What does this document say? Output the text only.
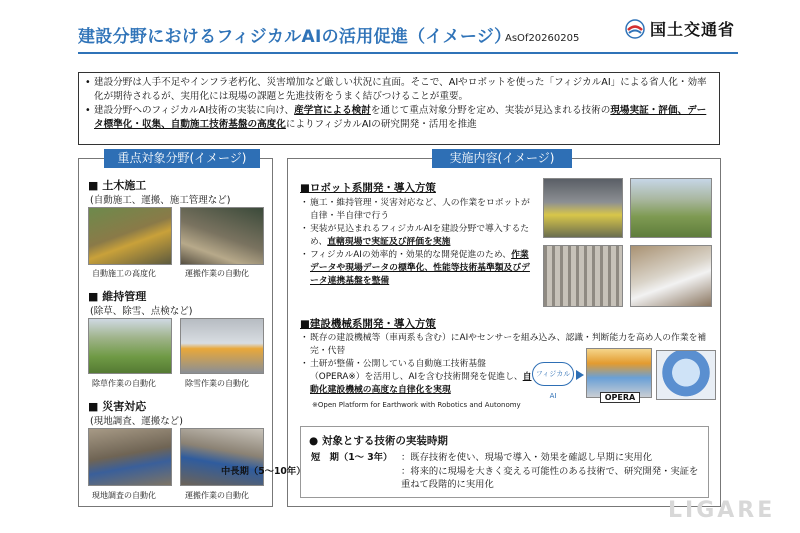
建設分野におけるフィジカルAIの活用促進（イメージ）
AsOf20260205	国土交通省

• 建設分野は人手不足やインフラ老朽化、災害増加など厳しい状況に直面。そこで、AIやロボットを使った「フィジカルAI」による省人化・効率化が期待されるが、実用化には現場の課題と先進技術をうまく結びつけることが重要。

• 建設分野へのフィジカルAI技術の実装に向け、産学官による検討を通じて重点対象分野を定め、実装が見込まれる技術の現場実証・評価、データ標準化・収集、自動施工技術基盤の高度化によりフィジカルAIの研究開発・活用を推進

重点対象分野(イメージ)
■ 土木施工
(自動施工、運搬、施工管理など)
自動施工の高度化	運搬作業の自動化
■ 維持管理
(除草、除雪、点検など)
除草作業の自動化	除雪作業の自動化
■ 災害対応
(現地調査、運搬など)
現地調査の自動化	運搬作業の自動化
実施内容(イメージ)
■ロボット系開発・導入方策

・ 施工・維持管理・災害対応など、人の作業をロボットが自律・半自律で行う

・ 実装が見込まれるフィジカルAIを建設分野で導入するため、直轄現場で実証及び評価を実施

・ フィジカルAIの効率的・効果的な開発促進のため、作業データや現場データの標準化、性能等技術基準類及びデータ連携基盤を整備

■建設機械系開発・導入方策

・ 既存の建設機械等（車両系も含む）にAIやセンサーを組み込み、認識・判断能力を高め人の作業を補完・代替

・ 土研が整備・公開している自動施工技術基盤（OPERA※）を活用し、AIを含む技術開発を促進し、自動化建設機械の高度な自律化を実現

※Open Platform for Earthwork with Robotics and Autonomy
フィジカルAI	OPERA
● 対象とする技術の実装時期
短　期（1～ 3年） ：既存技術を使い、現場で導入・効果を確認し早期に実用化
中長期（5～10年）	：将来的に現場を大きく変える可能性のある技術で、研究開発・実証を重ねて段階的に実用化
LIGARE
